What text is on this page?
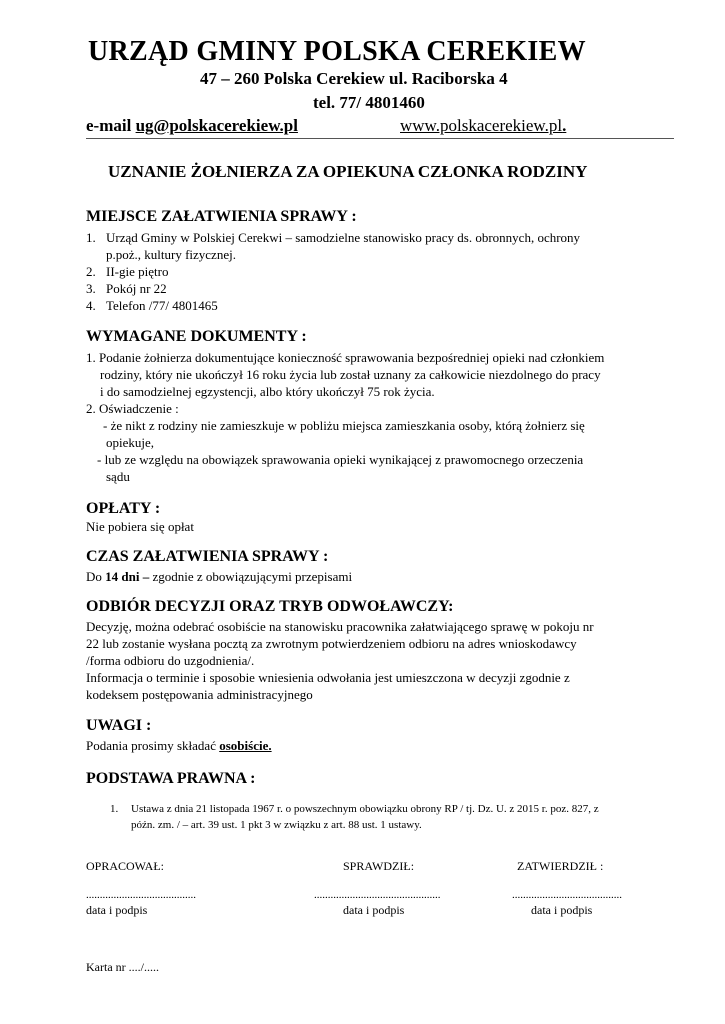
URZĄD GMINY POLSKA CEREKIEW
47 – 260 Polska Cerekiew ul. Raciborska 4
tel. 77/ 4801460
e-mail ug@polskacerekiew.pl	www.polskacerekiew.pl.
UZNANIE ŻOŁNIERZA ZA OPIEKUNA CZŁONKA RODZINY
MIEJSCE ZAŁATWIENIA SPRAWY :
1. Urząd Gminy w Polskiej Cerekwi – samodzielne stanowisko pracy ds. obronnych, ochrony
p.poż., kultury fizycznej.
2. II-gie piętro
3. Pokój nr 22
4. Telefon /77/ 4801465
WYMAGANE DOKUMENTY :
1. Podanie żołnierza dokumentujące konieczność sprawowania bezpośredniej opieki nad członkiem
rodziny, który nie ukończył 16 roku życia lub został uznany za całkowicie niezdolnego do pracy
i do samodzielnej egzystencji, albo który ukończył 75 rok życia.
2. Oświadczenie :
- że nikt z rodziny nie zamieszkuje w pobliżu miejsca zamieszkania osoby, którą żołnierz się
opiekuje,
- lub ze względu na obowiązek sprawowania opieki wynikającej z prawomocnego orzeczenia
sądu
OPŁATY :
Nie pobiera się opłat
CZAS ZAŁATWIENIA SPRAWY :
Do 14 dni – zgodnie z obowiązującymi przepisami
ODBIÓR DECYZJI ORAZ TRYB ODWOŁAWCZY:
Decyzję, można odebrać osobiście na stanowisku pracownika załatwiającego sprawę w pokoju nr
22 lub zostanie wysłana pocztą za zwrotnym potwierdzeniem odbioru na adres wnioskodawcy
/forma odbioru do uzgodnienia/.
Informacja o terminie i sposobie wniesienia odwołania jest umieszczona w decyzji zgodnie z
kodeksem postępowania administracyjnego
UWAGI :
Podania prosimy składać osobiście.
PODSTAWA PRAWNA :
1. Ustawa z dnia 21 listopada 1967 r. o powszechnym obowiązku obrony RP / tj. Dz. U. z 2015 r. poz. 827, z
późn. zm. / – art. 39 ust. 1 pkt 3 w związku z art. 88 ust. 1 ustawy.
OPRACOWAŁ:	SPRAWDZIŁ:	ZATWIERDZIŁ :
........................................	..............................................	........................................
data i podpis	data i podpis	data i podpis
Karta nr ..../.....
